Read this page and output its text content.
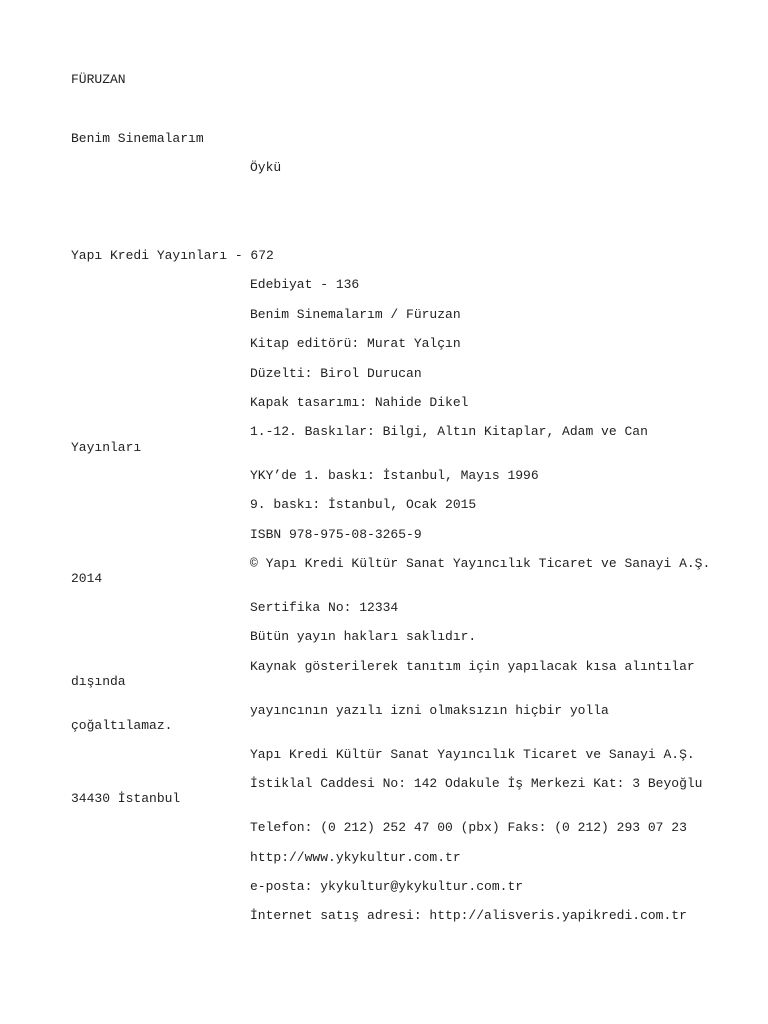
FÜRUZAN
Benim Sinemalarım
Öykü
Yapı Kredi Yayınları - 672
Edebiyat - 136
Benim Sinemalarım / Füruzan
Kitap editörü: Murat Yalçın
Düzelti: Birol Durucan
Kapak tasarımı: Nahide Dikel
1.-12. Baskılar: Bilgi, Altın Kitaplar, Adam ve Can
Yayınları
YKY’de 1. baskı: İstanbul, Mayıs 1996
9. baskı: İstanbul, Ocak 2015
ISBN 978-975-08-3265-9
© Yapı Kredi Kültür Sanat Yayıncılık Ticaret ve Sanayi A.Ş.
2014
Sertifika No: 12334
Bütün yayın hakları saklıdır.
Kaynak gösterilerek tanıtım için yapılacak kısa alıntılar
dışında
yayıncının yazılı izni olmaksızın hiçbir yolla
çoğaltılamaz.
Yapı Kredi Kültür Sanat Yayıncılık Ticaret ve Sanayi A.Ş.
İstiklal Caddesi No: 142 Odakule İş Merkezi Kat: 3 Beyoğlu
34430 İstanbul
Telefon: (0 212) 252 47 00 (pbx) Faks: (0 212) 293 07 23
http://www.ykykultur.com.tr
e-posta: ykykultur@ykykultur.com.tr
İnternet satış adresi: http://alisveris.yapikredi.com.tr
